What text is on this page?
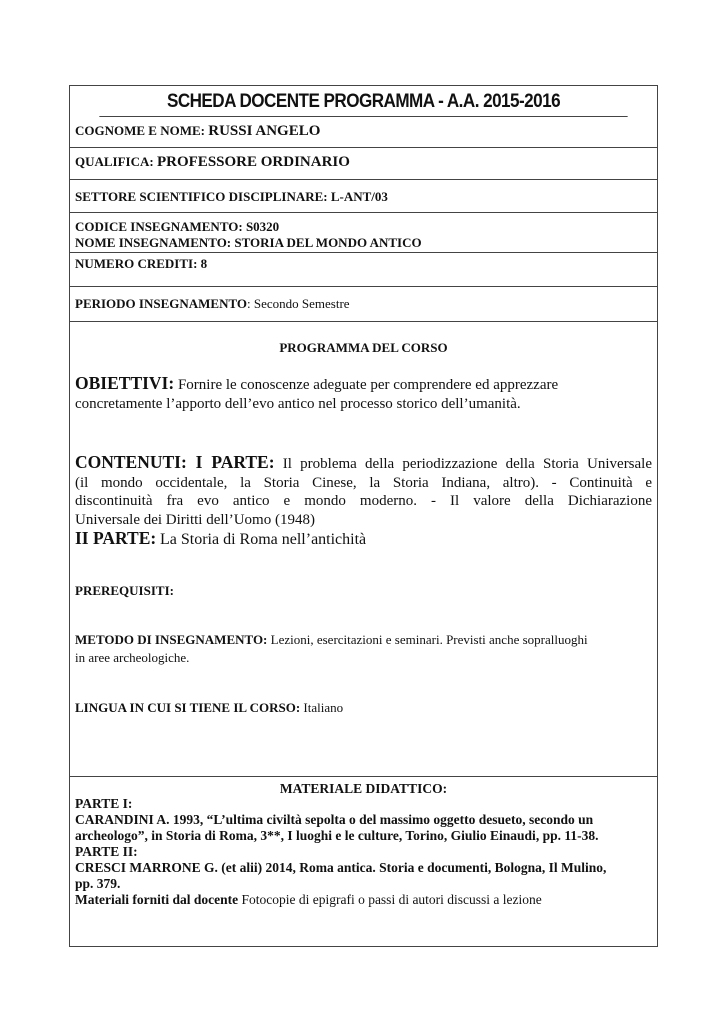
SCHEDA DOCENTE PROGRAMMA - A.A. 2015-2016
COGNOME E NOME: RUSSI ANGELO
QUALIFICA: PROFESSORE ORDINARIO
SETTORE SCIENTIFICO DISCIPLINARE: L-ANT/03
CODICE INSEGNAMENTO: S0320
NOME INSEGNAMENTO: STORIA DEL MONDO ANTICO
NUMERO CREDITI: 8
PERIODO INSEGNAMENTO: Secondo Semestre
PROGRAMMA DEL CORSO
OBIETTIVI: Fornire le conoscenze adeguate per comprendere ed apprezzare
concretamente l’apporto dell’evo antico nel processo storico dell’umanità.
CONTENUTI: I PARTE: Il problema della periodizzazione della Storia Universale
(il mondo occidentale, la Storia Cinese, la Storia Indiana, altro). - Continuità e
discontinuità fra evo antico e mondo moderno. - Il valore della Dichiarazione
Universale dei Diritti dell’Uomo (1948)
II PARTE: La Storia di Roma nell’antichità
PREREQUISITI:
METODO DI INSEGNAMENTO: Lezioni, esercitazioni e seminari. Previsti anche sopralluoghi
in aree archeologiche.
LINGUA IN CUI SI TIENE IL CORSO: Italiano
MATERIALE DIDATTICO:
PARTE I:
CARANDINI A. 1993, “L’ultima civiltà sepolta o del massimo oggetto desueto, secondo un
archeologo”, in Storia di Roma, 3**, I luoghi e le culture, Torino, Giulio Einaudi, pp. 11-38.
PARTE II:
CRESCI MARRONE G. (et alii) 2014, Roma antica. Storia e documenti, Bologna, Il Mulino,
pp. 379.
Materiali forniti dal docente Fotocopie di epigrafi o passi di autori discussi a lezione
